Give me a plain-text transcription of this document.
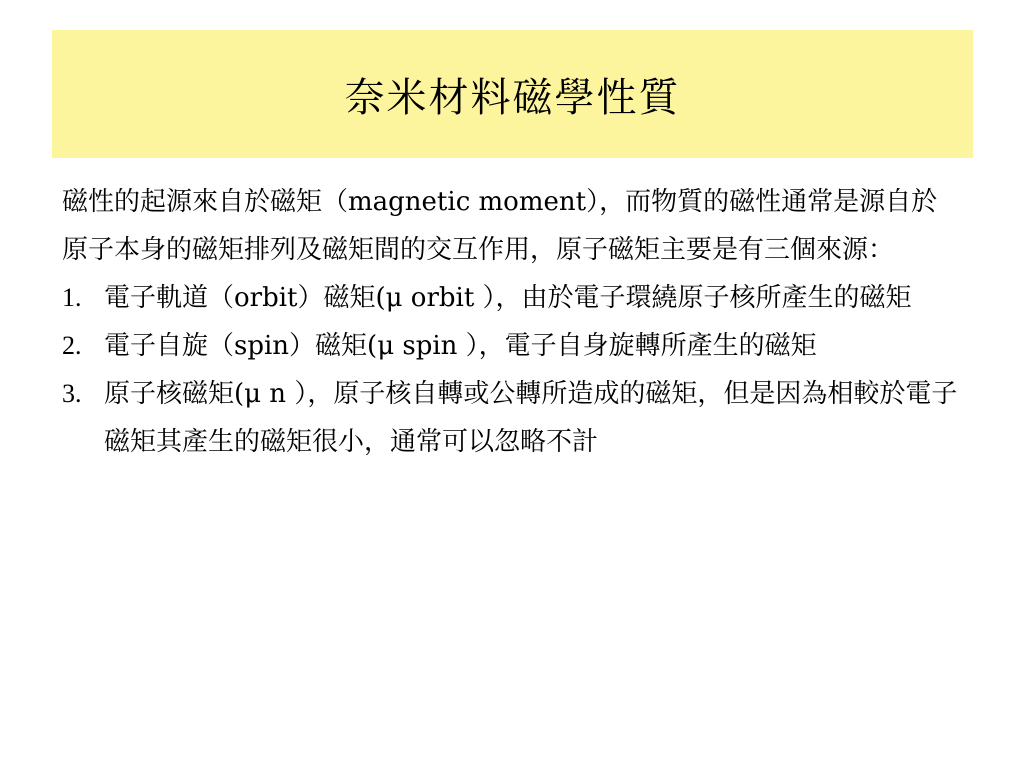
奈米材料磁學性質

磁性的起源來自於磁矩（magnetic moment），而物質的磁性通常是源自於原子本身的磁矩排列及磁矩間的交互作用，原子磁矩主要是有三個來源：

1. 電子軌道（orbit）磁矩(μ orbit ），由於電子環繞原子核所產生的磁矩
2. 電子自旋（spin）磁矩(μ spin ），電子自身旋轉所產生的磁矩
3. 原子核磁矩(μ n ），原子核自轉或公轉所造成的磁矩，但是因為相較於電子磁矩其產生的磁矩很小，通常可以忽略不計
